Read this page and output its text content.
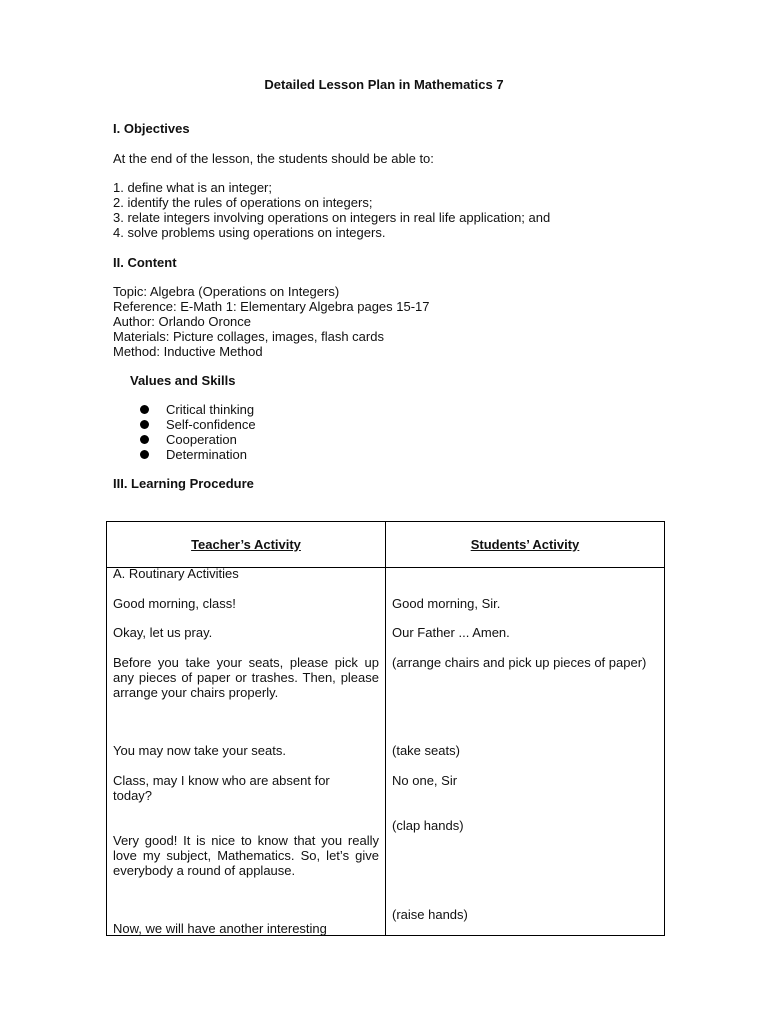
Detailed Lesson Plan in Mathematics 7
I. Objectives
At the end of the lesson, the students should be able to:
1. define what is an integer;
2. identify the rules of operations on integers;
3. relate integers involving operations on integers in real life application; and
4. solve problems using operations on integers.
II. Content
Topic: Algebra (Operations on Integers)
Reference: E-Math 1: Elementary Algebra pages 15-17
Author: Orlando Oronce
Materials: Picture collages, images, flash cards
Method: Inductive Method
Values and Skills
Critical thinking
Self-confidence
Cooperation
Determination
III. Learning Procedure
Teacher’s Activity	Students’ Activity
A. Routinary Activities
Good morning, class!
Okay, let us pray.
Before you take your seats, please pick up any pieces of paper or trashes. Then, please arrange your chairs properly.
You may now take your seats.
Class, may I know who are absent for today?
Very good! It is nice to know that you really love my subject, Mathematics. So, let’s give everybody a round of applause.
Now, we will have another interesting
Good morning, Sir.
Our Father ... Amen.
(arrange chairs and pick up pieces of paper)
(take seats)
No one, Sir
(clap hands)
(raise hands)
